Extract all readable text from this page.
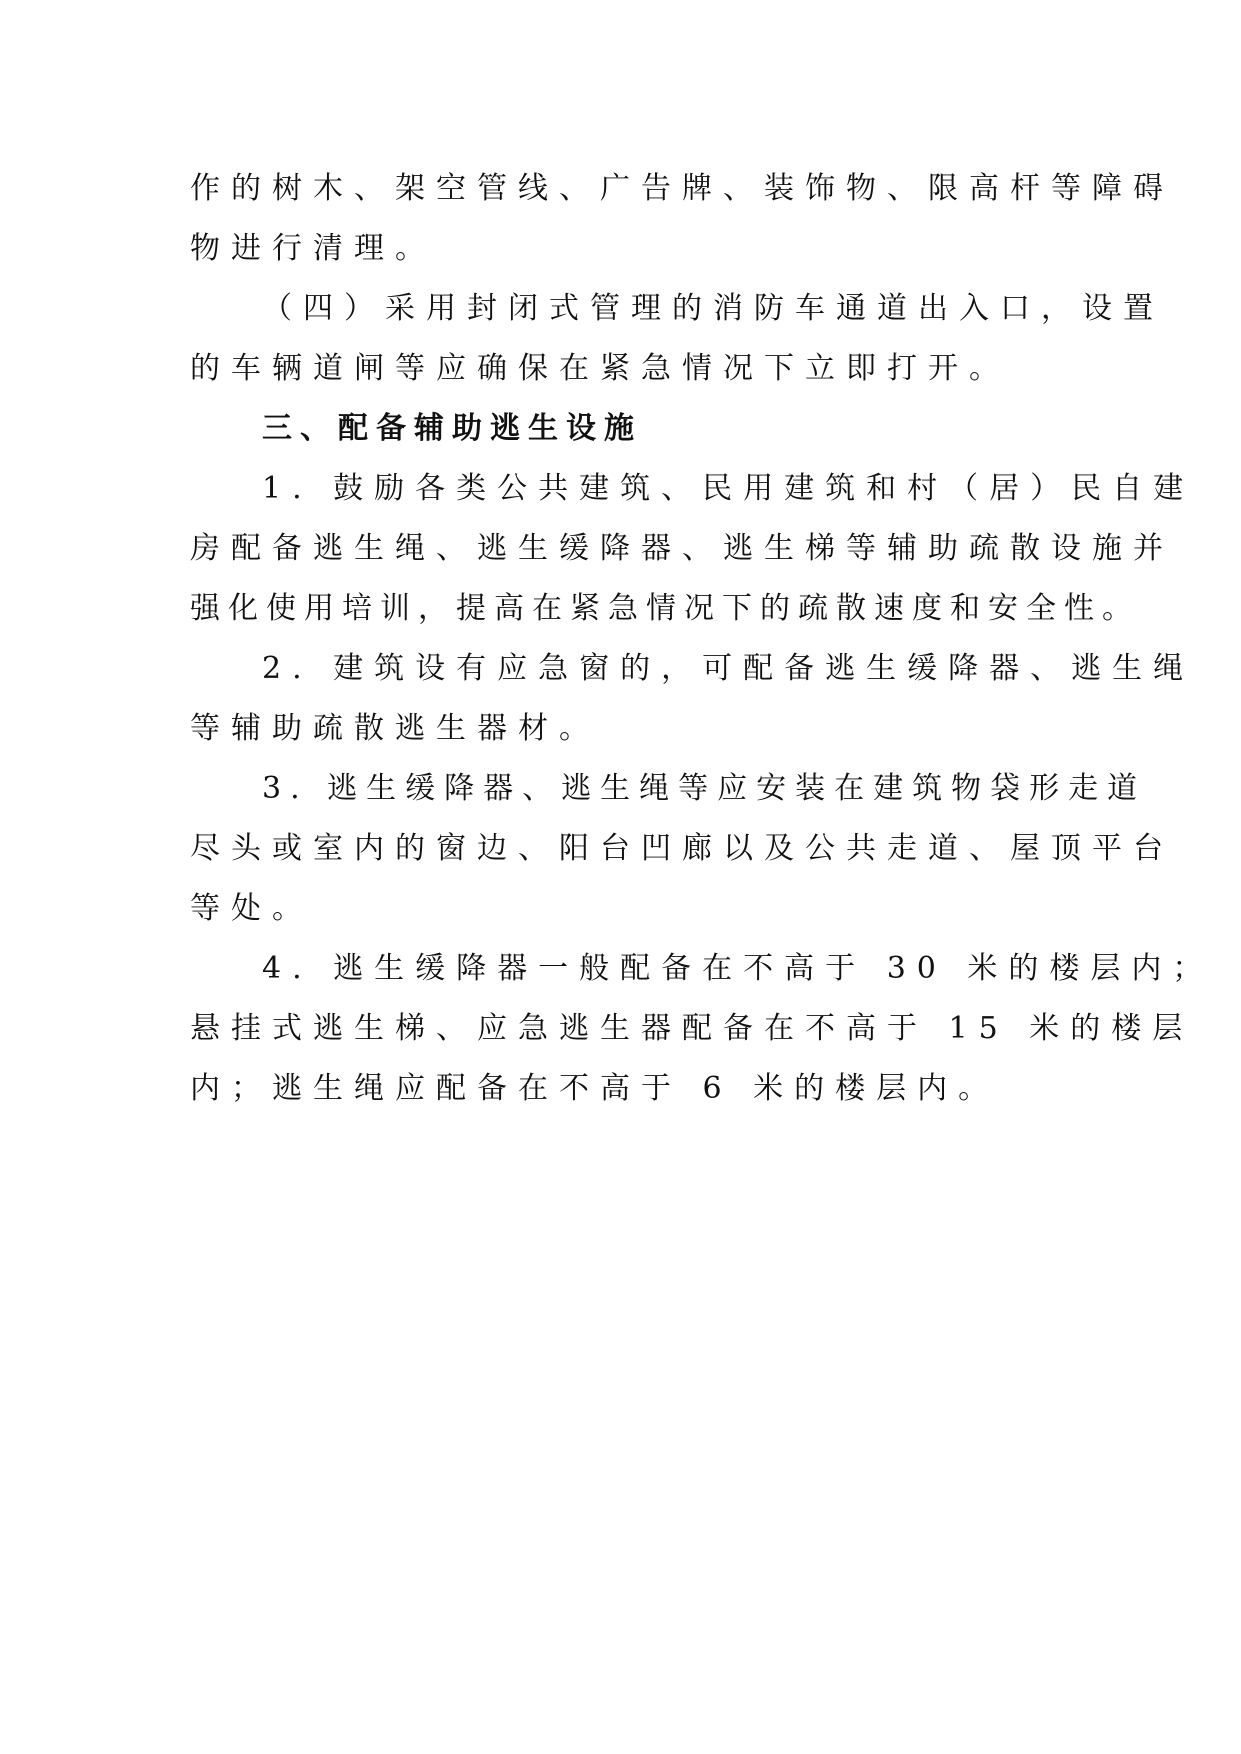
作的树木、架空管线、广告牌、装饰物、限高杆等障碍
物进行清理。
（四）采用封闭式管理的消防车通道出入口，设置
的车辆道闸等应确保在紧急情况下立即打开。
三、配备辅助逃生设施
1. 鼓励各类公共建筑、民用建筑和村（居）民自建
房配备逃生绳、逃生缓降器、逃生梯等辅助疏散设施并
强化使用培训，提高在紧急情况下的疏散速度和安全性。
2. 建筑设有应急窗的，可配备逃生缓降器、逃生绳
等辅助疏散逃生器材。
3. 逃生缓降器、逃生绳等应安装在建筑物袋形走道
尽头或室内的窗边、阳台凹廊以及公共走道、屋顶平台
等处。
4. 逃生缓降器一般配备在不高于 30 米的楼层内；
悬挂式逃生梯、应急逃生器配备在不高于 15 米的楼层
内；逃生绳应配备在不高于 6 米的楼层内。
